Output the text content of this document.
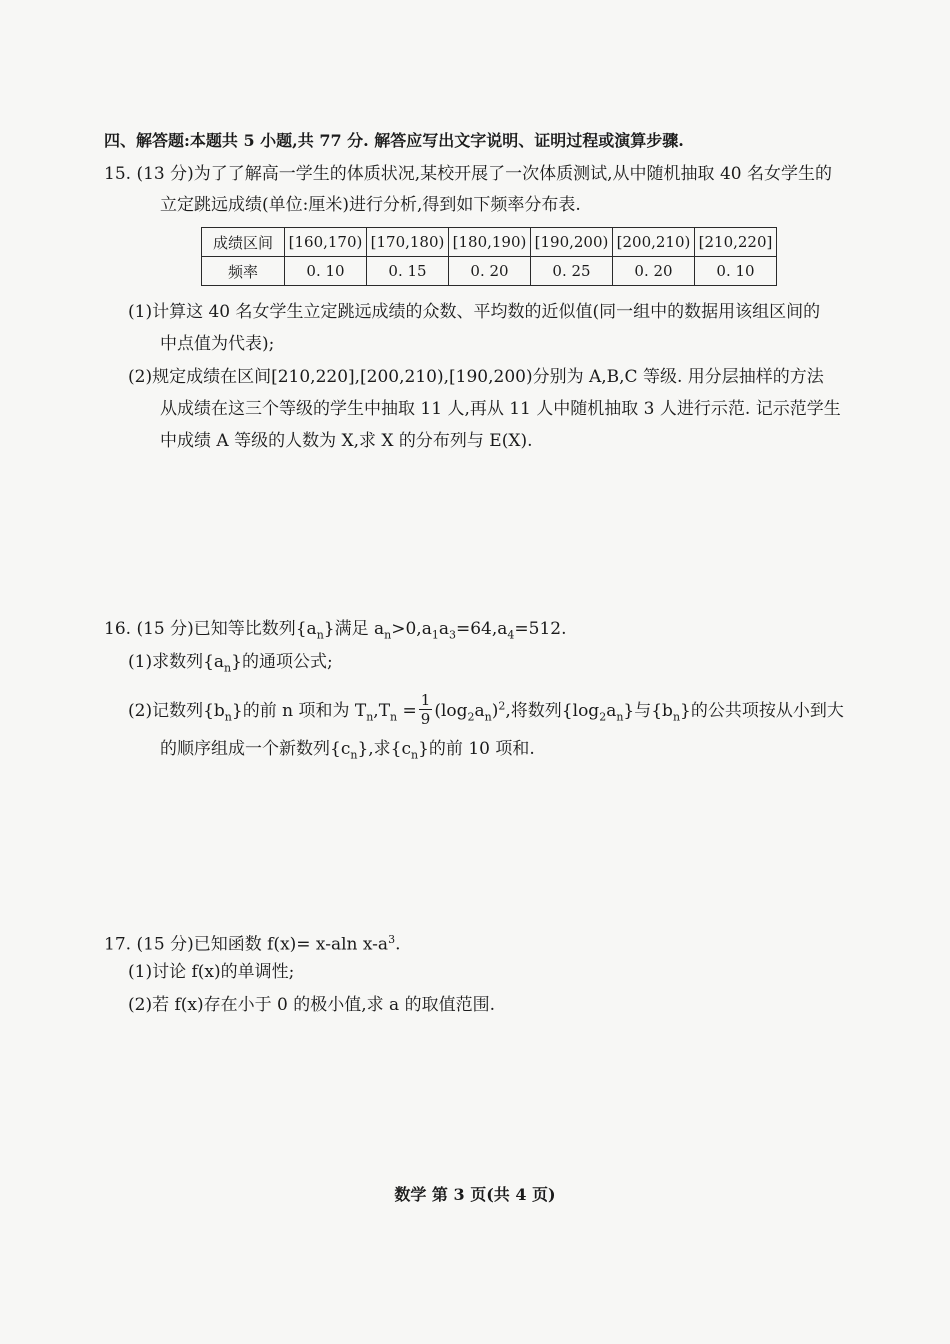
四、解答题:本题共 5 小题,共 77 分. 解答应写出文字说明、证明过程或演算步骤.
15. (13 分)为了了解高一学生的体质状况,某校开展了一次体质测试,从中随机抽取 40 名女学生的
立定跳远成绩(单位:厘米)进行分析,得到如下频率分布表.
成绩区间	[160,170)	[170,180)	[180,190)	[190,200)	[200,210)	[210,220]
频率	0. 10	0. 15	0. 20	0. 25	0. 20	0. 10
(1)计算这 40 名女学生立定跳远成绩的众数、平均数的近似值(同一组中的数据用该组区间的
中点值为代表);
(2)规定成绩在区间[210,220],[200,210),[190,200)分别为 A,B,C 等级. 用分层抽样的方法
从成绩在这三个等级的学生中抽取 11 人,再从 11 人中随机抽取 3 人进行示范. 记示范学生
中成绩 A 等级的人数为 X,求 X 的分布列与 E(X).
16. (15 分)已知等比数列$\{a_n\}$满足 $a_n>0,a_1a_3=64,a_4=512$.
(1)求数列$\{a_n\}$的通项公式;
(2)记数列$\{b_n\}$的前 n 项和为 $T_n,T_n = \frac{1}{9} (\log_2a_n)^2$,将数列$\{\log_2a_n\}$与$\{b_n\}$的公共项按从小到大
的顺序组成一个新数列$\{c_n\}$,求$\{c_n\}$的前 10 项和.
17. (15 分)已知函数 f(x)= x-aln $x-a^3$.
(1)讨论 f(x)的单调性;
(2)若 f(x)存在小于 0 的极小值,求 a 的取值范围.
数学 第 3 页(共 4 页)
